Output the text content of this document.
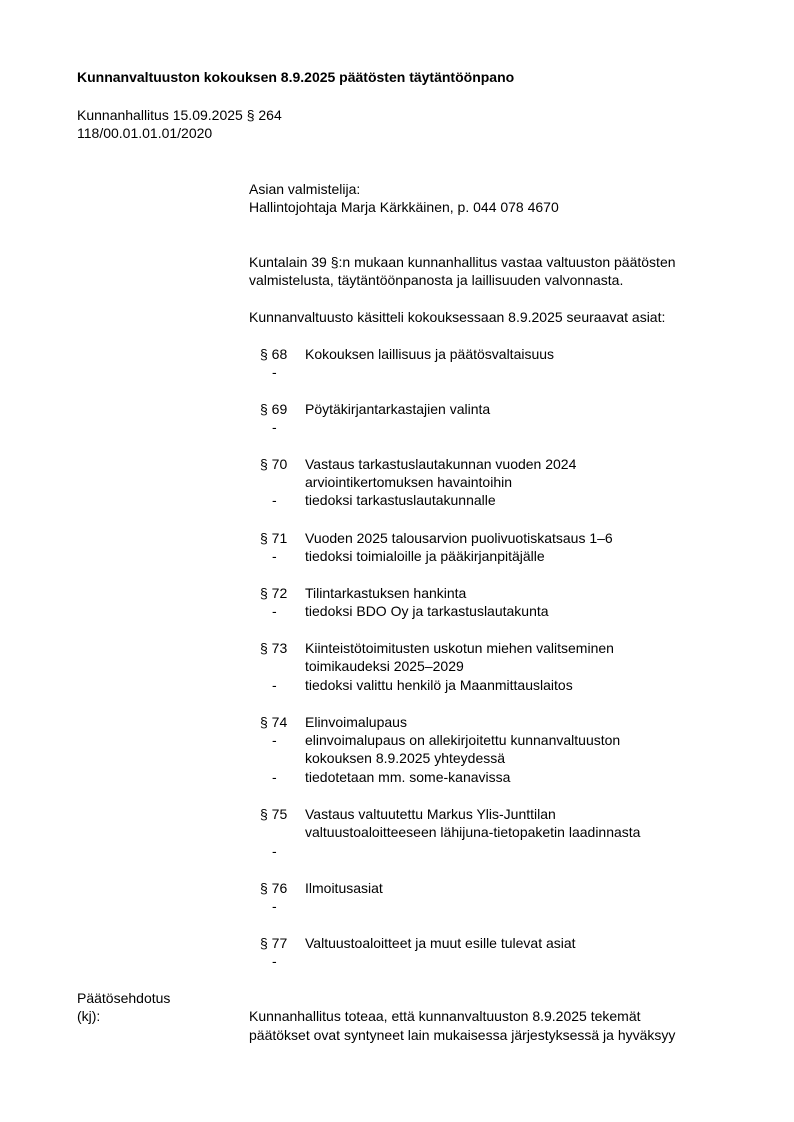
Kunnanvaltuuston kokouksen 8.9.2025 päätösten täytäntöönpano
Kunnanhallitus 15.09.2025 § 264
118/00.01.01.01/2020
Asian valmistelija:
Hallintojohtaja Marja Kärkkäinen, p. 044 078 4670
Kuntalain 39 §:n mukaan kunnanhallitus vastaa valtuuston päätösten
valmistelusta, täytäntöönpanosta ja laillisuuden valvonnasta.
Kunnanvaltuusto käsitteli kokouksessaan 8.9.2025 seuraavat asiat:
§ 68 Kokouksen laillisuus ja päätösvaltaisuus
-
§ 69 Pöytäkirjantarkastajien valinta
-
§ 70 Vastaus tarkastuslautakunnan vuoden 2024
arviointikertomuksen havaintoihin
- tiedoksi tarkastuslautakunnalle
§ 71 Vuoden 2025 talousarvion puolivuotiskatsaus 1–6
- tiedoksi toimialoille ja pääkirjanpitäjälle
§ 72 Tilintarkastuksen hankinta
- tiedoksi BDO Oy ja tarkastuslautakunta
§ 73 Kiinteistötoimitusten uskotun miehen valitseminen
toimikaudeksi 2025–2029
- tiedoksi valittu henkilö ja Maanmittauslaitos
§ 74 Elinvoimalupaus
- elinvoimalupaus on allekirjoitettu kunnanvaltuuston
kokouksen 8.9.2025 yhteydessä
- tiedotetaan mm. some-kanavissa
§ 75 Vastaus valtuutettu Markus Ylis-Junttilan
valtuustoaloitteeseen lähijuna-tietopaketin laadinnasta
-
§ 76 Ilmoitusasiat
-
§ 77 Valtuustoaloitteet ja muut esille tulevat asiat
-
Päätösehdotus
(kj):	Kunnanhallitus toteaa, että kunnanvaltuuston 8.9.2025 tekemät
päätökset ovat syntyneet lain mukaisessa järjestyksessä ja hyväksyy
